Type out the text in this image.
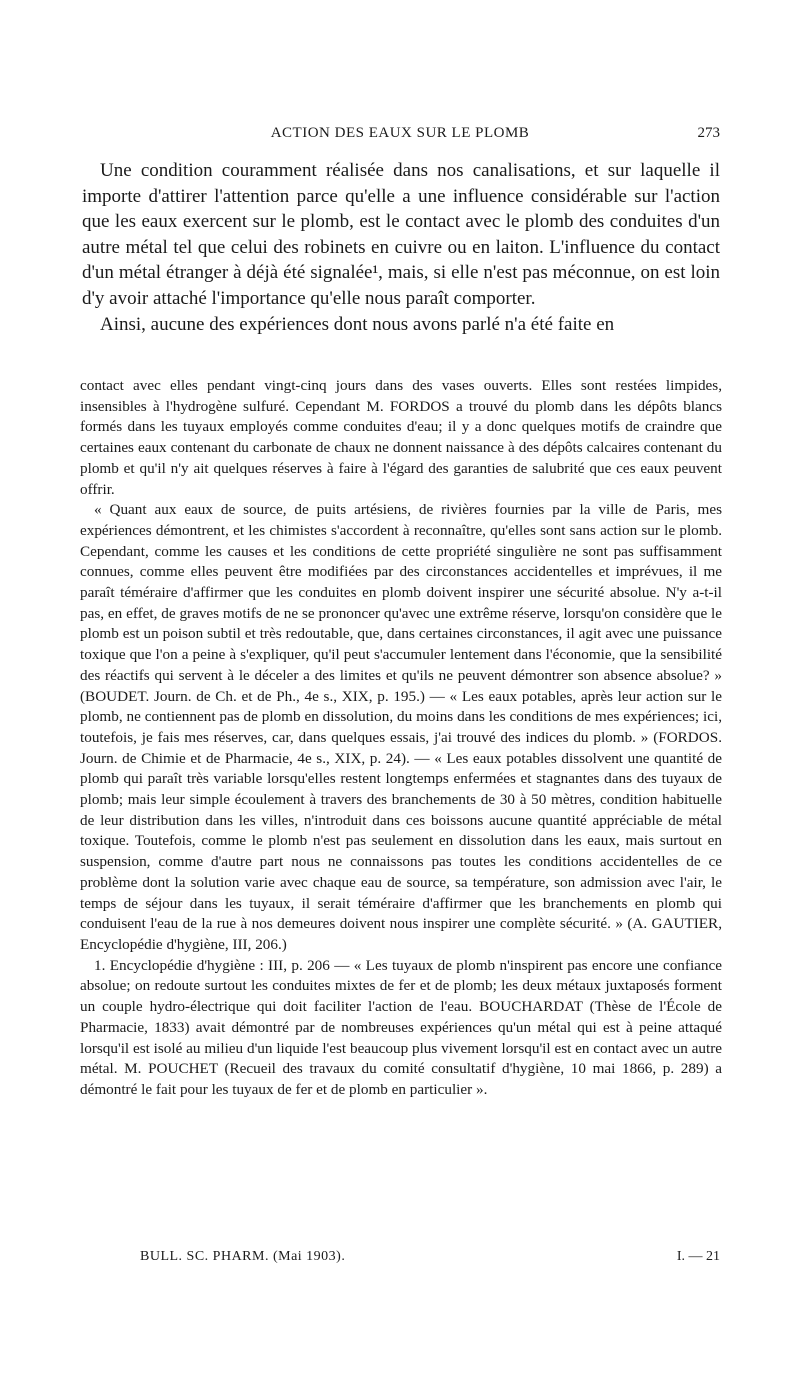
ACTION DES EAUX SUR LE PLOMB	273

Une condition couramment réalisée dans nos canalisations, et sur laquelle il importe d'attirer l'attention parce qu'elle a une influence considérable sur l'action que les eaux exercent sur le plomb, est le contact avec le plomb des conduites d'un autre métal tel que celui des robinets en cuivre ou en laiton. L'influence du contact d'un métal étranger à déjà été signalée¹, mais, si elle n'est pas méconnue, on est loin d'y avoir attaché l'importance qu'elle nous paraît comporter.

Ainsi, aucune des expériences dont nous avons parlé n'a été faite en

contact avec elles pendant vingt-cinq jours dans des vases ouverts. Elles sont restées limpides, insensibles à l'hydrogène sulfuré. Cependant M. FORDOS a trouvé du plomb dans les dépôts blancs formés dans les tuyaux employés comme conduites d'eau; il y a donc quelques motifs de craindre que certaines eaux contenant du carbonate de chaux ne donnent naissance à des dépôts calcaires contenant du plomb et qu'il n'y ait quelques réserves à faire à l'égard des garanties de salubrité que ces eaux peuvent offrir.

« Quant aux eaux de source, de puits artésiens, de rivières fournies par la ville de Paris, mes expériences démontrent, et les chimistes s'accordent à reconnaître, qu'elles sont sans action sur le plomb. Cependant, comme les causes et les conditions de cette propriété singulière ne sont pas suffisamment connues, comme elles peuvent être modifiées par des circonstances accidentelles et imprévues, il me paraît téméraire d'affirmer que les conduites en plomb doivent inspirer une sécurité absolue. N'y a-t-il pas, en effet, de graves motifs de ne se prononcer qu'avec une extrême réserve, lorsqu'on considère que le plomb est un poison subtil et très redoutable, que, dans certaines circonstances, il agit avec une puissance toxique que l'on a peine à s'expliquer, qu'il peut s'accumuler lentement dans l'économie, que la sensibilité des réactifs qui servent à le déceler a des limites et qu'ils ne peuvent démontrer son absence absolue? » (BOUDET. Journ. de Ch. et de Ph., 4e s., XIX, p. 195.) — « Les eaux potables, après leur action sur le plomb, ne contiennent pas de plomb en dissolution, du moins dans les conditions de mes expériences; ici, toutefois, je fais mes réserves, car, dans quelques essais, j'ai trouvé des indices du plomb. » (FORDOS. Journ. de Chimie et de Pharmacie, 4e s., XIX, p. 24). — « Les eaux potables dissolvent une quantité de plomb qui paraît très variable lorsqu'elles restent longtemps enfermées et stagnantes dans des tuyaux de plomb; mais leur simple écoulement à travers des branchements de 30 à 50 mètres, condition habituelle de leur distribution dans les villes, n'introduit dans ces boissons aucune quantité appréciable de métal toxique. Toutefois, comme le plomb n'est pas seulement en dissolution dans les eaux, mais surtout en suspension, comme d'autre part nous ne connaissons pas toutes les conditions accidentelles de ce problème dont la solution varie avec chaque eau de source, sa température, son admission avec l'air, le temps de séjour dans les tuyaux, il serait téméraire d'affirmer que les branchements en plomb qui conduisent l'eau de la rue à nos demeures doivent nous inspirer une complète sécurité. » (A. GAUTIER, Encyclopédie d'hygiène, III, 206.)

1. Encyclopédie d'hygiène : III, p. 206 — « Les tuyaux de plomb n'inspirent pas encore une confiance absolue; on redoute surtout les conduites mixtes de fer et de plomb; les deux métaux juxtaposés forment un couple hydro-électrique qui doit faciliter l'action de l'eau. BOUCHARDAT (Thèse de l'École de Pharmacie, 1833) avait démontré par de nombreuses expériences qu'un métal qui est à peine attaqué lorsqu'il est isolé au milieu d'un liquide l'est beaucoup plus vivement lorsqu'il est en contact avec un autre métal. M. POUCHET (Recueil des travaux du comité consultatif d'hygiène, 10 mai 1866, p. 289) a démontré le fait pour les tuyaux de fer et de plomb en particulier ».

BULL. SC. PHARM. (Mai 1903).	I. — 21
